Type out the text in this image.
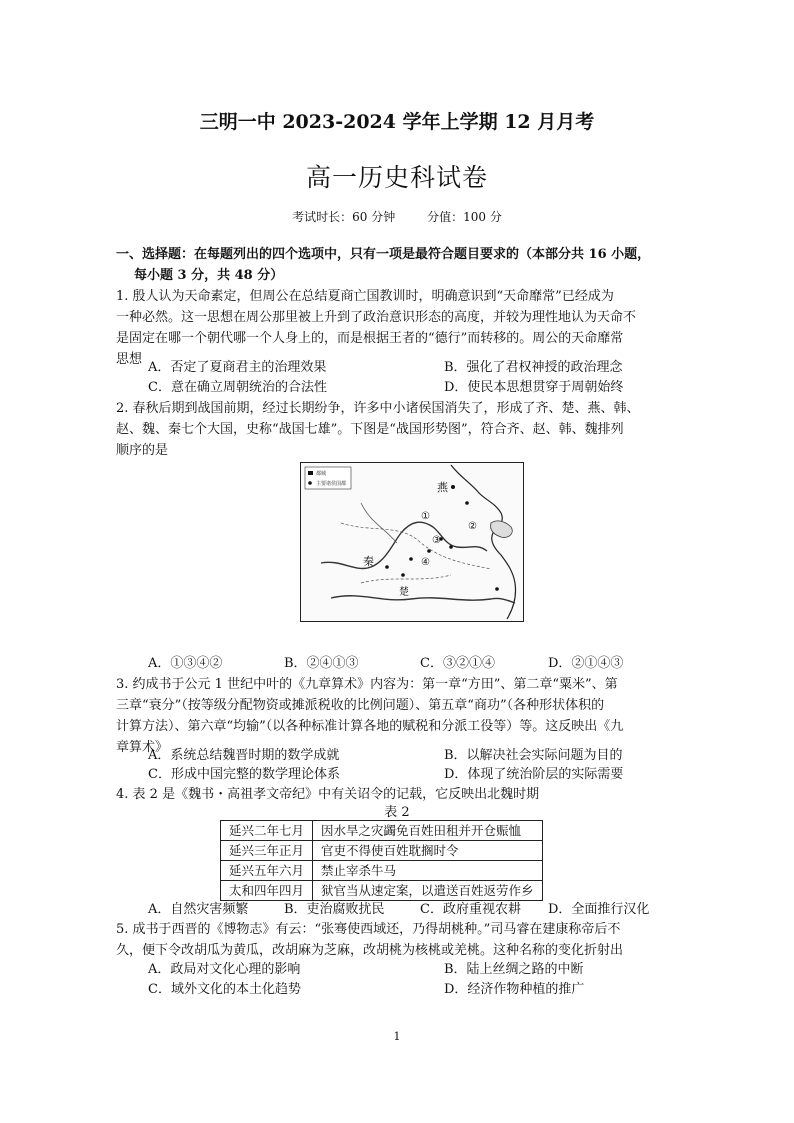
三明一中 2023-2024 学年上学期 12 月月考
高一历史科试卷
考试时长：60 分钟	分值：100 分
一、选择题：在每题列出的四个选项中，只有一项是最符合题目要求的（本部分共 16 小题，
每小题 3 分，共 48 分）
1. 殷人认为天命素定，但周公在总结夏商亡国教训时，明确意识到“天命靡常”已经成为
一种必然。这一思想在周公那里被上升到了政治意识形态的高度，并较为理性地认为天命不
是固定在哪一个朝代哪一个人身上的，而是根据王者的“德行”而转移的。周公的天命靡常
思想
A．否定了夏商君主的治理效果	B．强化了君权神授的政治理念
C．意在确立周朝统治的合法性	D．使民本思想贯穿于周朝始终
2. 春秋后期到战国前期，经过长期纷争，许多中小诸侯国消失了，形成了齐、楚、燕、韩、
赵、魏、秦七个大国，史称“战国七雄”。下图是“战国形势图”，符合齐、赵、韩、魏排列
顺序的是
都城
主要诸侯国都	燕
秦
楚
①
②
③
④
A．①③④②	B．②④①③	C．③②①④	D．②①④③
3. 约成书于公元 1 世纪中叶的《九章算术》内容为：第一章“方田”、第二章“粟米”、第
三章“衰分”（按等级分配物资或摊派税收的比例问题）、第五章“商功”（各种形状体积的
计算方法）、第六章“均输”（以各种标准计算各地的赋税和分派工役等）等。这反映出《九
章算术》
A．系统总结魏晋时期的数学成就	B．以解决社会实际问题为目的
C．形成中国完整的数学理论体系	D．体现了统治阶层的实际需要
4. 表 2 是《魏书・高祖孝文帝纪》中有关诏令的记载，它反映出北魏时期
表 2
延兴二年七月	因水旱之灾蠲免百姓田租并开仓赈恤
延兴三年正月	官吏不得使百姓耽搁时令
延兴五年六月	禁止宰杀牛马
太和四年四月	狱官当从速定案，以遣送百姓返劳作乡
A．自然灾害频繁	B．吏治腐败扰民	C．政府重视农耕 D．全面推行汉化
5. 成书于西晋的《博物志》有云：“张骞使西域还，乃得胡桃种。”司马睿在建康称帝后不
久，便下令改胡瓜为黄瓜，改胡麻为芝麻，改胡桃为核桃或羌桃。这种名称的变化折射出
A．政局对文化心理的影响	B．陆上丝绸之路的中断
C．域外文化的本土化趋势	D．经济作物种植的推广
1
